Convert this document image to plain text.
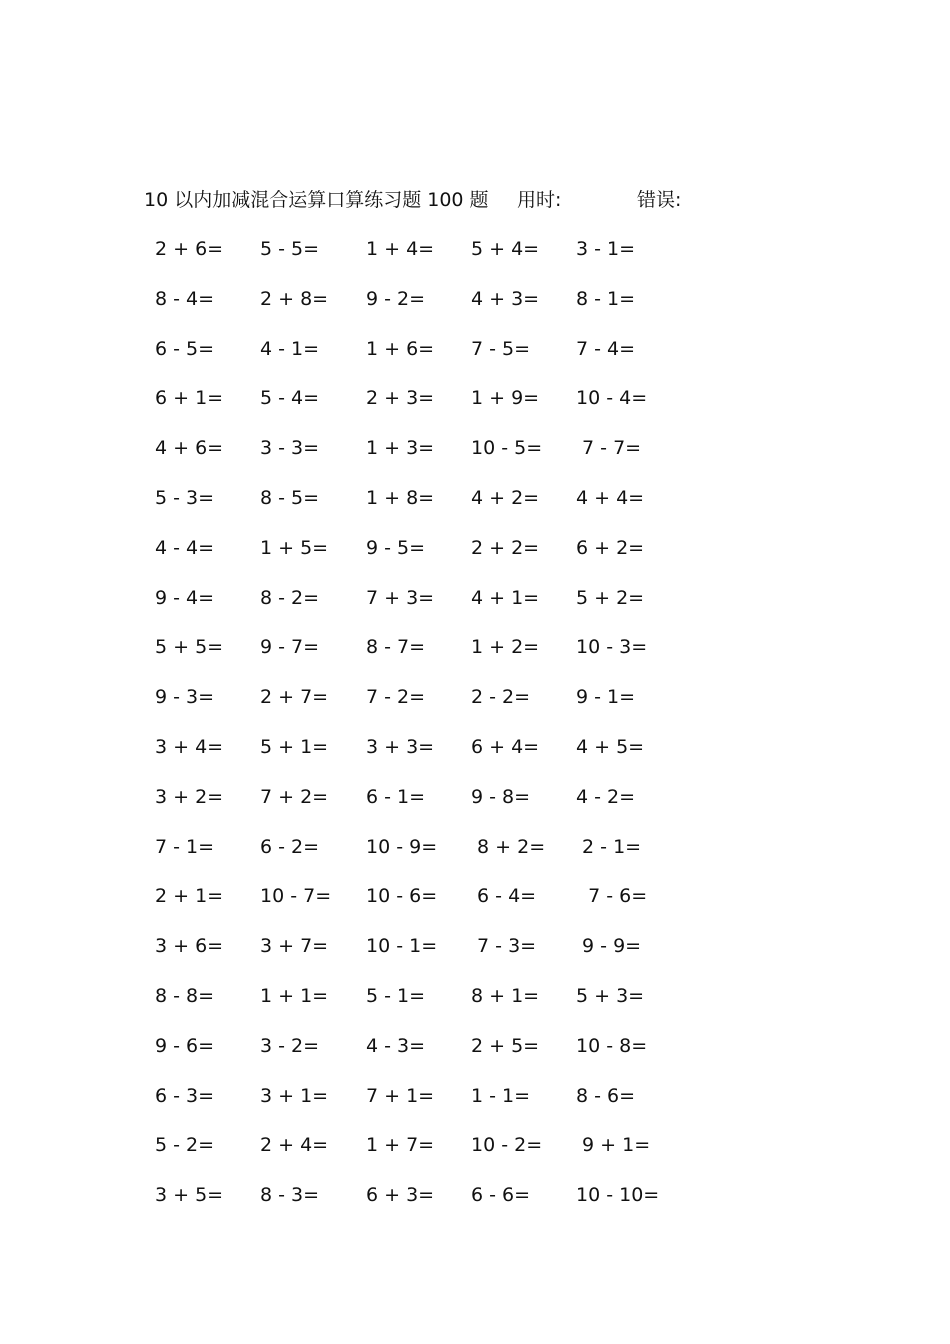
10 以内加减混合运算口算练习题 100 题 用时:	错误:
2 + 6=	5 - 5=	1 + 4=	5 + 4=	3 - 1=
8 - 4=	2 + 8=	9 - 2=	4 + 3=	8 - 1=
6 - 5=	4 - 1=	1 + 6=	7 - 5=	7 - 4=
6 + 1=	5 - 4=	2 + 3=	1 + 9=	10 - 4=
4 + 6=	3 - 3=	1 + 3=	10 - 5=	7 - 7=
5 - 3=	8 - 5=	1 + 8=	4 + 2=	4 + 4=
4 - 4=	1 + 5=	9 - 5=	2 + 2=	6 + 2=
9 - 4=	8 - 2=	7 + 3=	4 + 1=	5 + 2=
5 + 5=	9 - 7=	8 - 7=	1 + 2=	10 - 3=
9 - 3=	2 + 7=	7 - 2=	2 - 2=	9 - 1=
3 + 4=	5 + 1=	3 + 3=	6 + 4=	4 + 5=
3 + 2=	7 + 2=	6 - 1=	9 - 8=	4 - 2=
7 - 1=	6 - 2=	10 - 9=	8 + 2=	2 - 1=
2 + 1=	10 - 7=	10 - 6=	6 - 4=	7 - 6=
3 + 6=	3 + 7=	10 - 1=	7 - 3=	9 - 9=
8 - 8=	1 + 1=	5 - 1=	8 + 1=	5 + 3=
9 - 6=	3 - 2=	4 - 3=	2 + 5=	10 - 8=
6 - 3=	3 + 1=	7 + 1=	1 - 1=	8 - 6=
5 - 2=	2 + 4=	1 + 7=	10 - 2=	9 + 1=
3 + 5=	8 - 3=	6 + 3=	6 - 6=	10 - 10=
